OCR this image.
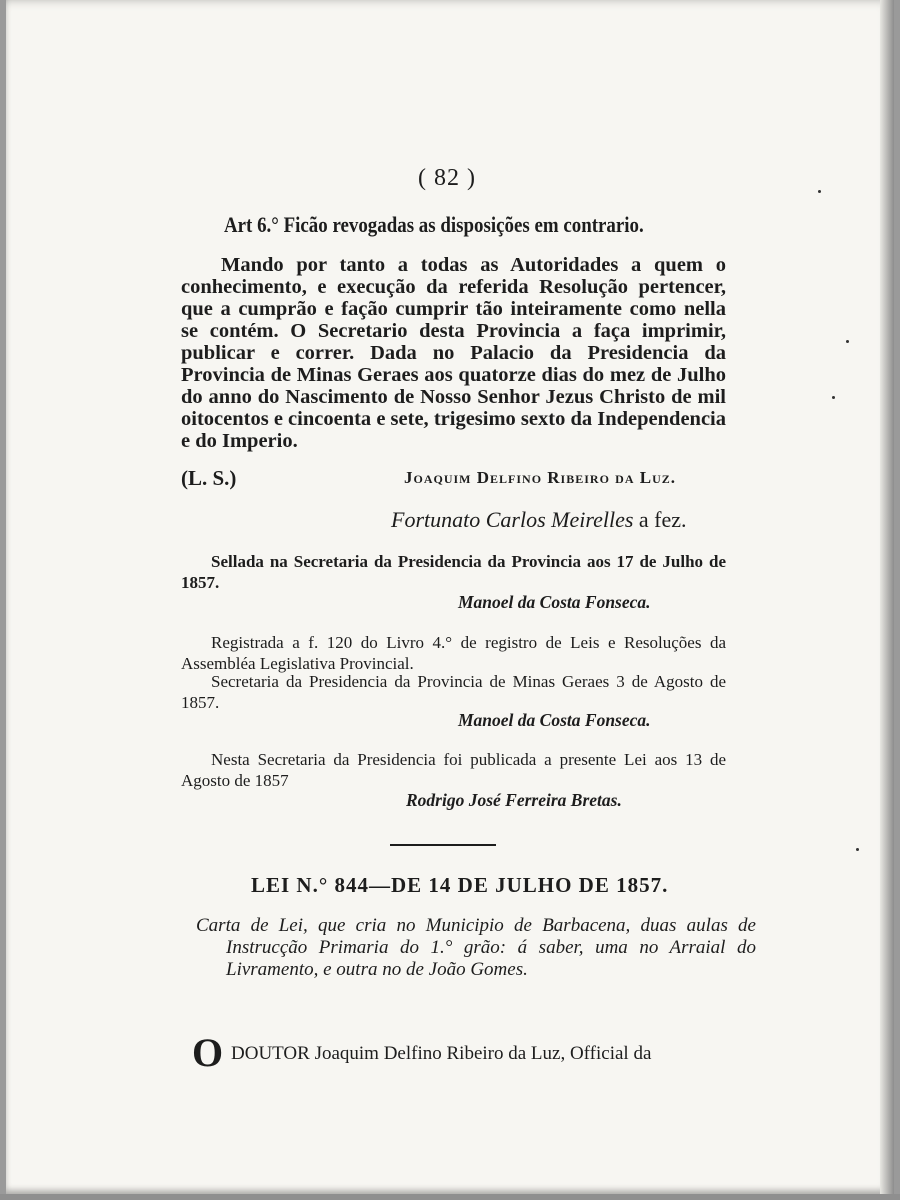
( 82 )
Art 6.° Ficão revogadas as disposições em contrario.
Mando por tanto a todas as Autoridades a quem o conhecimento, e execução da referida Resolução pertencer, que a cumprão e fação cumprir tão inteiramente como nella se contém. O Secretario desta Provincia a faça imprimir, publicar e correr. Dada no Palacio da Presidencia da Provincia de Minas Geraes aos quatorze dias do mez de Julho do anno do Nascimento de Nosso Senhor Jezus Christo de mil oitocentos e cincoenta e sete, trigesimo sexto da Independencia e do Imperio.
(L. S.)	Joaquim Delfino Ribeiro da Luz.
Fortunato Carlos Meirelles a fez.
Sellada na Secretaria da Presidencia da Provincia aos 17 de Julho de 1857.
Manoel da Costa Fonseca.
Registrada a f. 120 do Livro 4.° de registro de Leis e Resoluções da Assembléa Legislativa Provincial.
Secretaria da Presidencia da Provincia de Minas Geraes 3 de Agosto de 1857.
Manoel da Costa Fonseca.
Nesta Secretaria da Presidencia foi publicada a presente Lei aos 13 de Agosto de 1857
Rodrigo José Ferreira Bretas.
LEI N.° 844—DE 14 DE JULHO DE 1857.
Carta de Lei, que cria no Municipio de Barbacena, duas aulas de Instrucção Primaria do 1.° grão: á saber, uma no Arraial do Livramento, e outra no de João Gomes.
O DOUTOR Joaquim Delfino Ribeiro da Luz, Official da
